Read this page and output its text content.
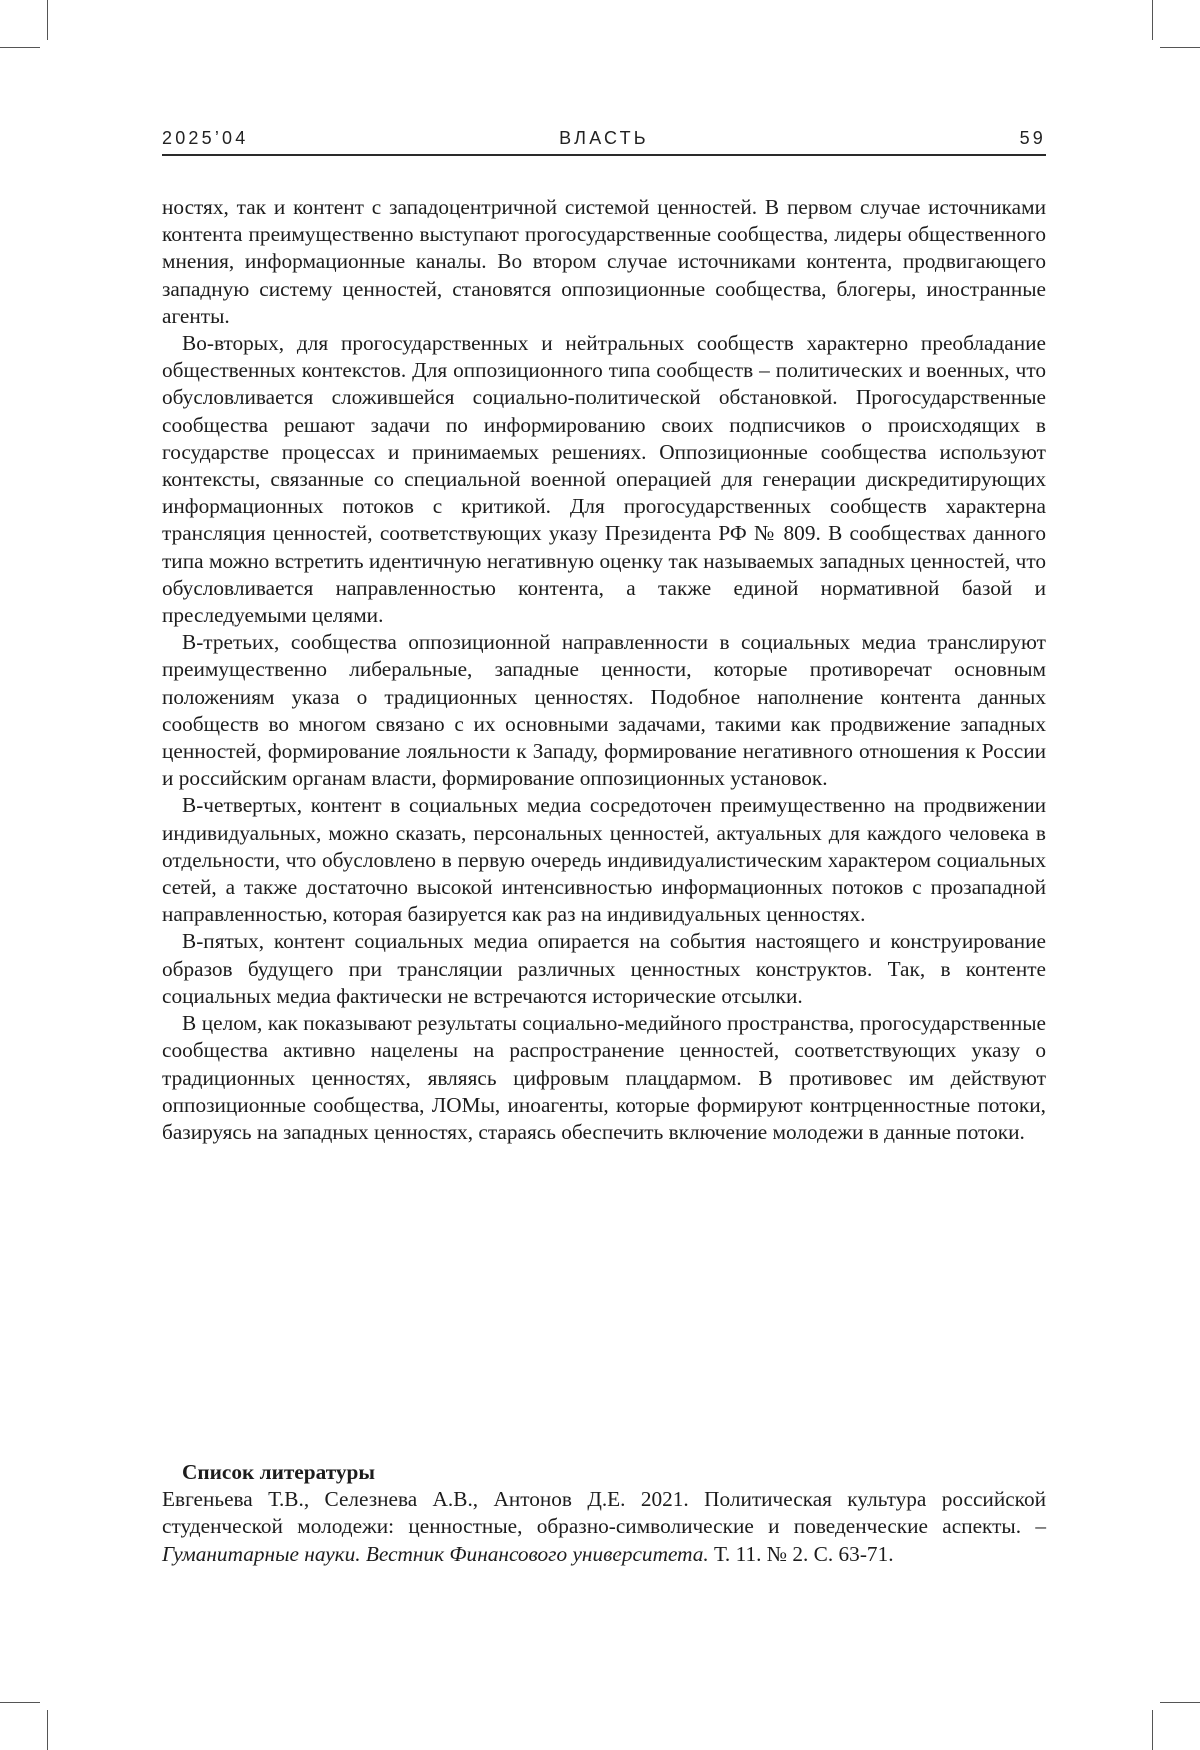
2025’04	ВЛАСТЬ	59

ностях, так и контент с западоцентричной системой ценностей. В первом случае источниками контента преимущественно выступают прогосударственные сообщества, лидеры общественного мнения, информационные каналы. Во втором случае источниками контента, продвигающего западную систему ценностей, становятся оппозиционные сообщества, блогеры, иностранные агенты.

Во-вторых, для прогосударственных и нейтральных сообществ характерно преобладание общественных контекстов. Для оппозиционного типа сообществ – политических и военных, что обусловливается сложившейся социально-политической обстановкой. Прогосударственные сообщества решают задачи по информированию своих подписчиков о происходящих в государстве процессах и принимаемых решениях. Оппозиционные сообщества используют контексты, связанные со специальной военной операцией для генерации дискредитирующих информационных потоков с критикой. Для прогосударственных сообществ характерна трансляция ценностей, соответствующих указу Президента РФ № 809. В сообществах данного типа можно встретить идентичную негативную оценку так называемых западных ценностей, что обусловливается направленностью контента, а также единой нормативной базой и преследуемыми целями.

В-третьих, сообщества оппозиционной направленности в социальных медиа транслируют преимущественно либеральные, западные ценности, которые противоречат основным положениям указа о традиционных ценностях. Подобное наполнение контента данных сообществ во многом связано с их основными задачами, такими как продвижение западных ценностей, формирование лояльности к Западу, формирование негативного отношения к России и российским органам власти, формирование оппозиционных установок.

В-четвертых, контент в социальных медиа сосредоточен преимущественно на продвижении индивидуальных, можно сказать, персональных ценностей, актуальных для каждого человека в отдельности, что обусловлено в первую очередь индивидуалистическим характером социальных сетей, а также достаточно высокой интенсивностью информационных потоков с прозападной направленностью, которая базируется как раз на индивидуальных ценностях.

В-пятых, контент социальных медиа опирается на события настоящего и конструирование образов будущего при трансляции различных ценностных конструктов. Так, в контенте социальных медиа фактически не встречаются исторические отсылки.

В целом, как показывают результаты социально-медийного пространства, прогосударственные сообщества активно нацелены на распространение ценностей, соответствующих указу о традиционных ценностях, являясь цифровым плацдармом. В противовес им действуют оппозиционные сообщества, ЛОМы, иноагенты, которые формируют контрценностные потоки, базируясь на западных ценностях, стараясь обеспечить включение молодежи в данные потоки.

Список литературы

Евгеньева Т.В., Селезнева А.В., Антонов Д.Е. 2021. Политическая культура российской студенческой молодежи: ценностные, образно-символические и поведенческие аспекты. – Гуманитарные науки. Вестник Финансового университета. Т. 11. № 2. С. 63-71.
